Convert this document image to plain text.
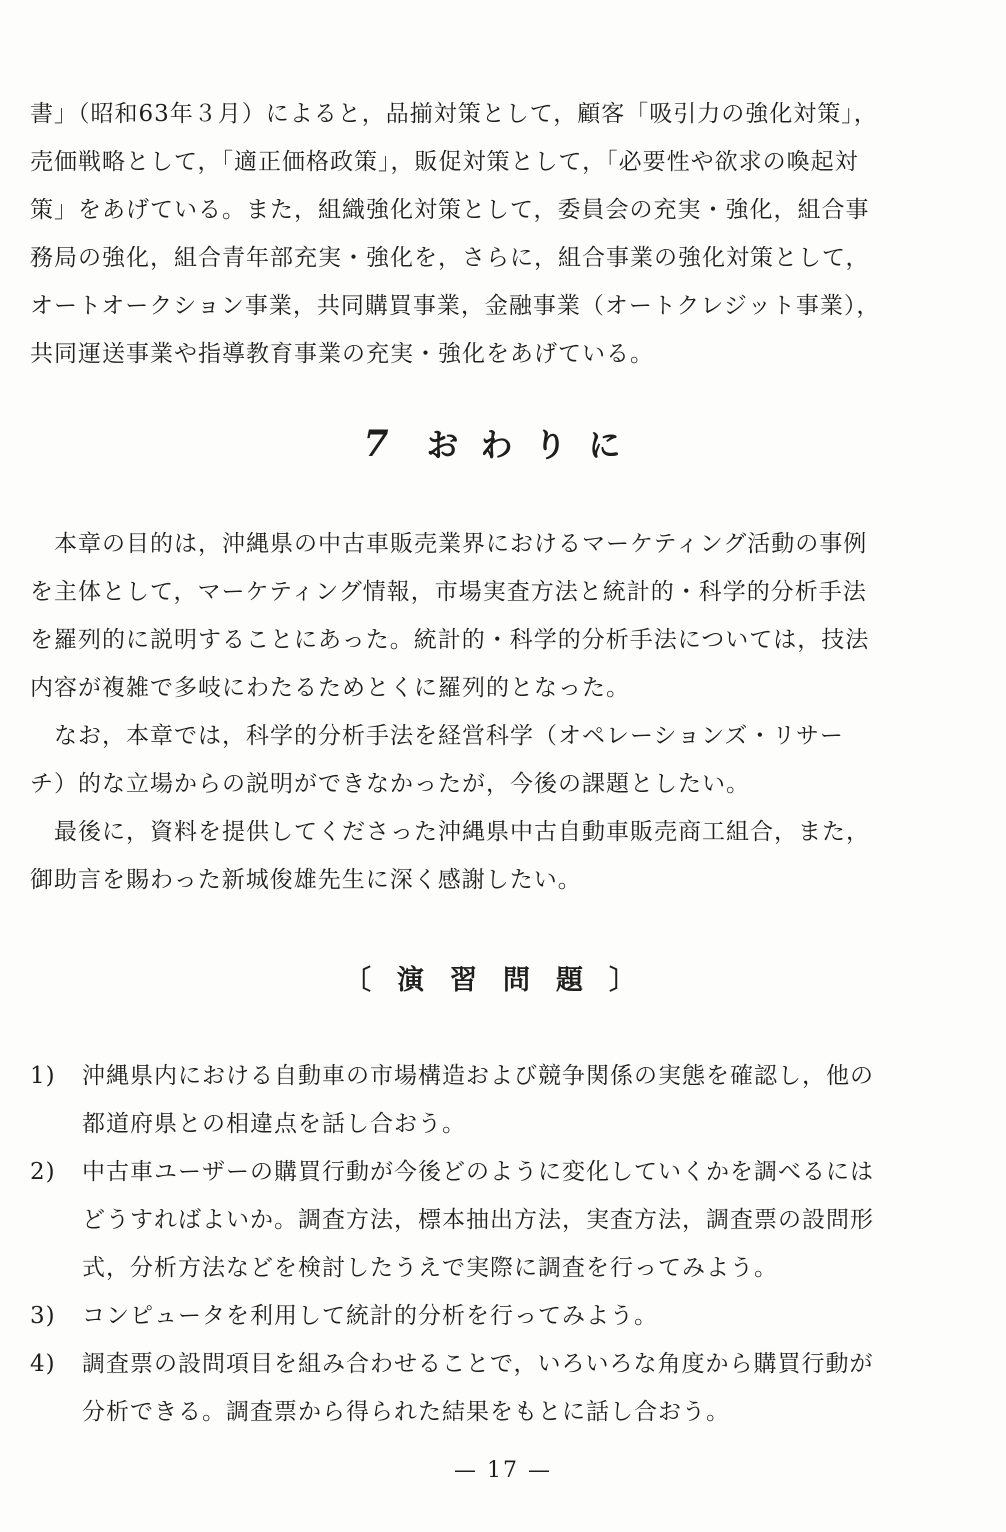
書」（昭和63年３月）によると，品揃対策として，顧客「吸引力の強化対策」，
売価戦略として，「適正価格政策」，販促対策として，「必要性や欲求の喚起対
策」をあげている。また，組織強化対策として，委員会の充実・強化，組合事
務局の強化，組合青年部充実・強化を，さらに，組合事業の強化対策として，
オートオークション事業，共同購買事業，金融事業（オートクレジット事業），
共同運送事業や指導教育事業の充実・強化をあげている。

7 おわりに

本章の目的は，沖縄県の中古車販売業界におけるマーケティング活動の事例
を主体として，マーケティング情報，市場実査方法と統計的・科学的分析手法
を羅列的に説明することにあった。統計的・科学的分析手法については，技法
内容が複雑で多岐にわたるためとくに羅列的となった。

なお，本章では，科学的分析手法を経営科学（オペレーションズ・リサー
チ）的な立場からの説明ができなかったが，今後の課題としたい。

最後に，資料を提供してくださった沖縄県中古自動車販売商工組合，また，
御助言を賜わった新城俊雄先生に深く感謝したい。

〔演習問題〕
1) 沖縄県内における自動車の市場構造および競争関係の実態を確認し，他の
都道府県との相違点を話し合おう。
2) 中古車ユーザーの購買行動が今後どのように変化していくかを調べるには
どうすればよいか。調査方法，標本抽出方法，実査方法，調査票の設問形
式，分析方法などを検討したうえで実際に調査を行ってみよう。
3) コンピュータを利用して統計的分析を行ってみよう。
4) 調査票の設問項目を組み合わせることで，いろいろな角度から購買行動が
分析できる。調査票から得られた結果をもとに話し合おう。
— 17 —
